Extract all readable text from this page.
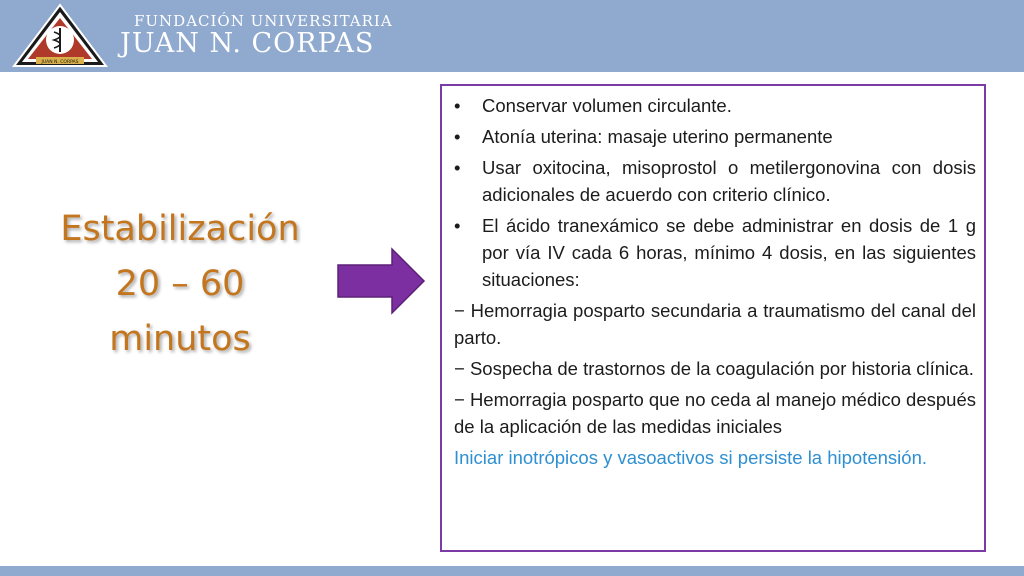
JUAN N. CORPAS
FUNDACIÓN UNIVERSITARIA
JUAN N. CORPAS
Estabilización
20 – 60
minutos
•	Conservar volumen circulante.
•	Atonía uterina: masaje uterino permanente
•	Usar oxitocina, misoprostol o metilergonovina con dosis adicionales de acuerdo con criterio clínico.
•	El ácido tranexámico se debe administrar en dosis de 1 g por vía IV cada 6 horas, mínimo 4 dosis, en las siguientes situaciones:
− Hemorragia posparto secundaria a traumatismo del canal del parto.
− Sospecha de trastornos de la coagulación por historia clínica.
− Hemorragia posparto que no ceda al manejo médico después de la aplicación de las medidas iniciales
Iniciar inotrópicos y vasoactivos si persiste la hipotensión.
